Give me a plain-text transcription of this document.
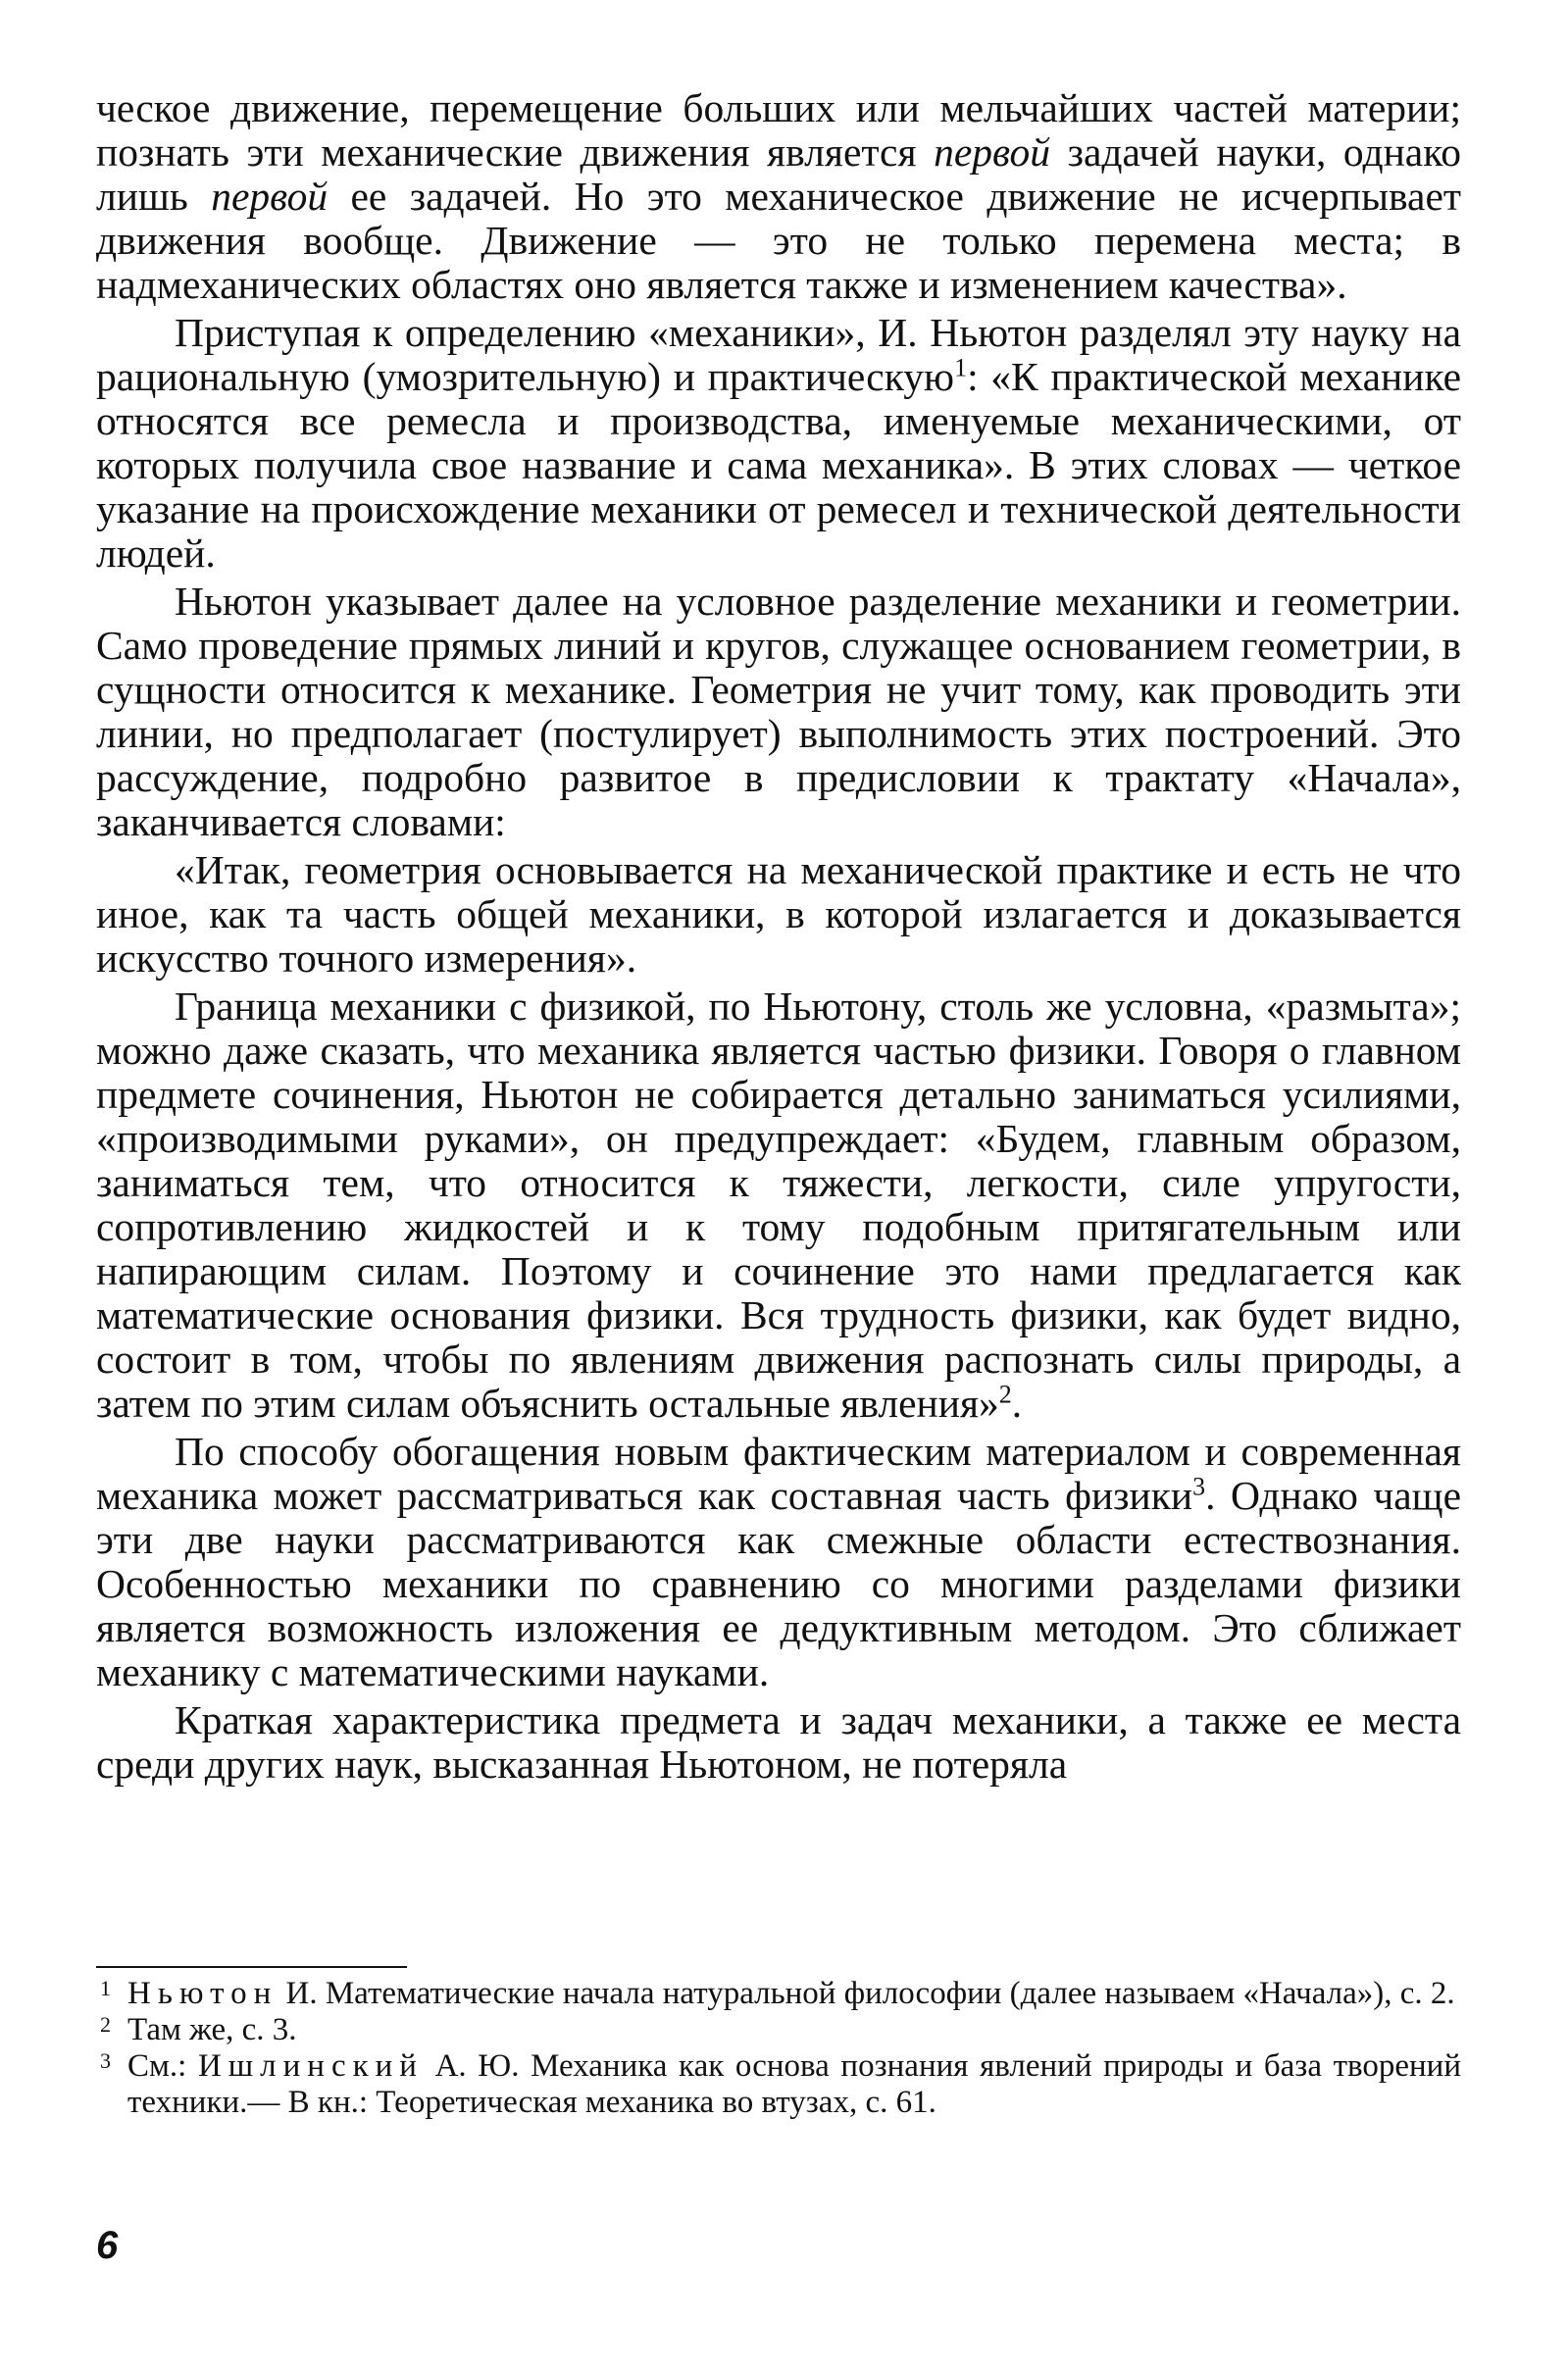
ческое движение, перемещение больших или мельчайших частей материи; познать эти механические движения является первой задачей науки, однако лишь первой ее задачей. Но это механическое движение не исчерпывает движения вообще. Движение — это не только перемена места; в надмеханических областях оно является также и изменением качества».

Приступая к определению «механики», И. Ньютон разделял эту науку на рациональную (умозрительную) и практическую$^1$: «К практической механике относятся все ремесла и производства, именуемые механическими, от которых получила свое название и сама механика». В этих словах — четкое указание на происхождение механики от ремесел и технической деятельности людей.

Ньютон указывает далее на условное разделение механики и геометрии. Само проведение прямых линий и кругов, служащее основанием геометрии, в сущности относится к механике. Геометрия не учит тому, как проводить эти линии, но предполагает (постулирует) выполнимость этих построений. Это рассуждение, подробно развитое в предисловии к трактату «Начала», заканчивается словами:

«Итак, геометрия основывается на механической практике и есть не что иное, как та часть общей механики, в которой излагается и доказывается искусство точного измерения».

Граница механики с физикой, по Ньютону, столь же условна, «размыта»; можно даже сказать, что механика является частью физики. Говоря о главном предмете сочинения, Ньютон не собирается детально заниматься усилиями, «производимыми руками», он предупреждает: «Будем, главным образом, заниматься тем, что относится к тяжести, легкости, силе упругости, сопротивлению жидкостей и к тому подобным притягательным или напирающим силам. Поэтому и сочинение это нами предлагается как математические основания физики. Вся трудность физики, как будет видно, состоит в том, чтобы по явлениям движения распознать силы природы, а затем по этим силам объяснить остальные явления»$^2$.

По способу обогащения новым фактическим материалом и современная механика может рассматриваться как составная часть физики$^3$. Однако чаще эти две науки рассматриваются как смежные области естествознания. Особенностью механики по сравнению со многими разделами физики является возможность изложения ее дедуктивным методом. Это сближает механику с математическими науками.

Краткая характеристика предмета и задач механики, а также ее места среди других наук, высказанная Ньютоном, не потеряла

1 Ньютон И. Математические начала натуральной философии (далее называем «Начала»), с. 2.

2 Там же, с. 3.

3 См.: Ишлинский А. Ю. Механика как основа познания явлений природы и база творений техники.— В кн.: Теоретическая механика во втузах, с. 61.

6
